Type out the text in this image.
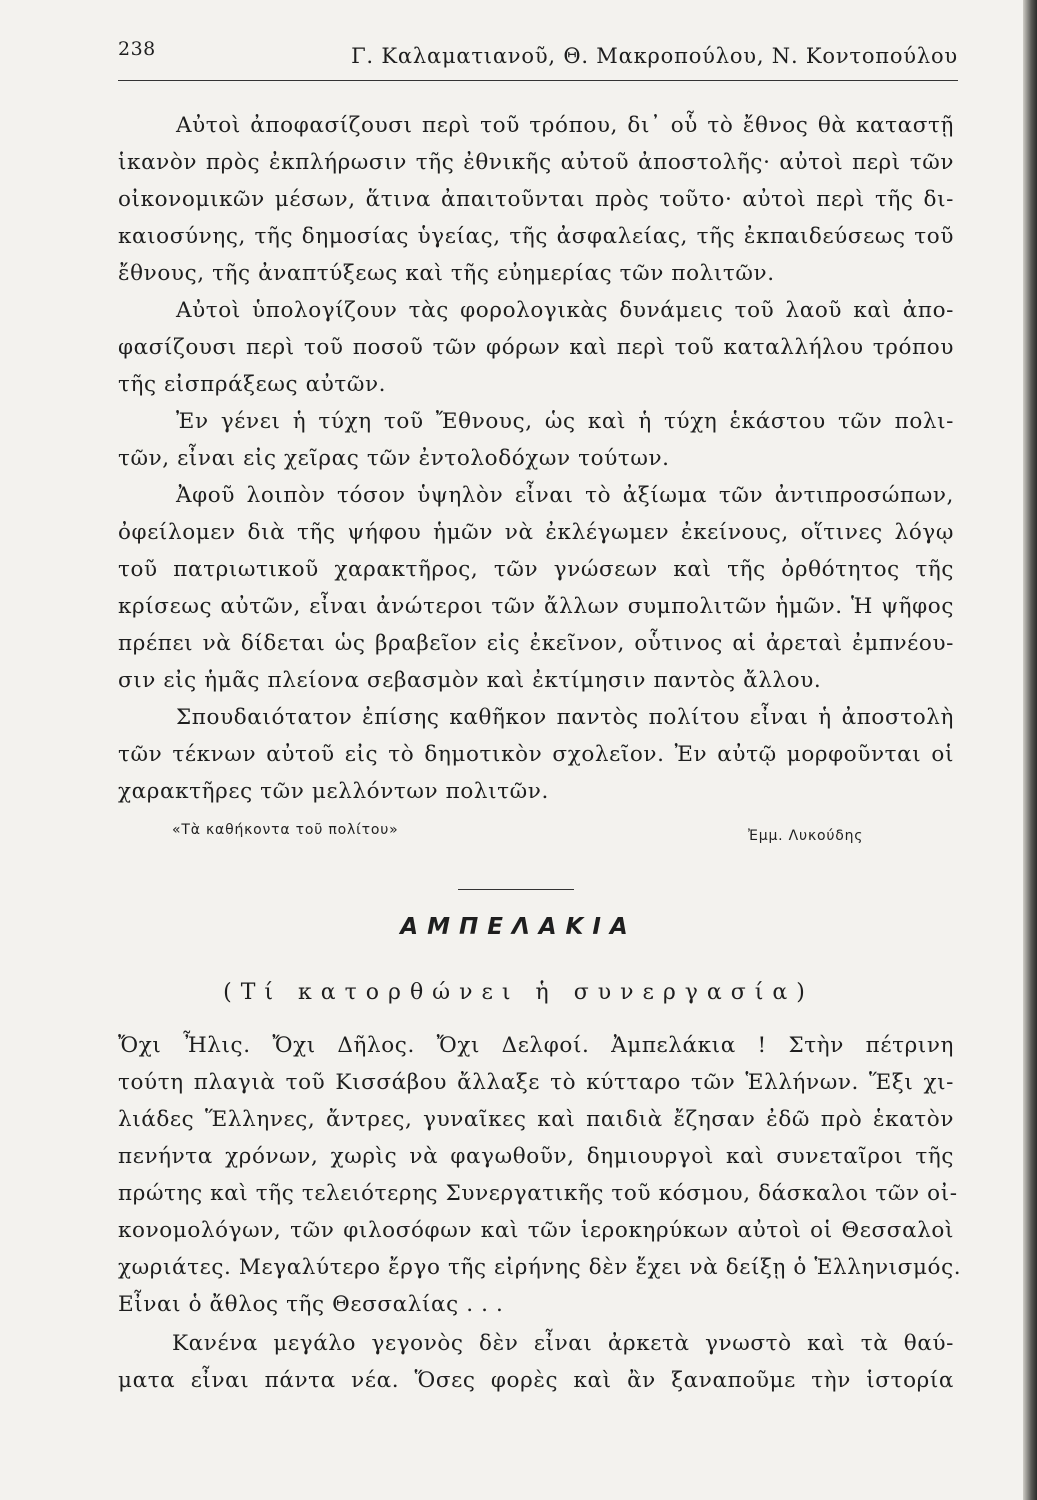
238	Γ. Καλαματιανοῦ, Θ. Μακροπούλου, Ν. Κοντοπούλου
Αὐτοὶ ἀποφασίζουσι περὶ τοῦ τρόπου, δι᾿ οὗ τὸ ἔθνος θὰ καταστῇ
ἱκανὸν πρὸς ἐκπλήρωσιν τῆς ἐθνικῆς αὐτοῦ ἀποστολῆς· αὐτοὶ περὶ τῶν
οἰκονομικῶν μέσων, ἅτινα ἀπαιτοῦνται πρὸς τοῦτο· αὐτοὶ περὶ τῆς δι-
καιοσύνης, τῆς δημοσίας ὑγείας, τῆς ἀσφαλείας, τῆς ἐκπαιδεύσεως τοῦ
ἔθνους, τῆς ἀναπτύξεως καὶ τῆς εὐημερίας τῶν πολιτῶν.
Αὐτοὶ ὑπολογίζουν τὰς φορολογικὰς δυνάμεις τοῦ λαοῦ καὶ ἀπο-
φασίζουσι περὶ τοῦ ποσοῦ τῶν φόρων καὶ περὶ τοῦ καταλλήλου τρόπου
τῆς εἰσπράξεως αὐτῶν.
Ἐν γένει ἡ τύχη τοῦ Ἔθνους, ὡς καὶ ἡ τύχη ἑκάστου τῶν πολι-
τῶν, εἶναι εἰς χεῖρας τῶν ἐντολοδόχων τούτων.
Ἀφοῦ λοιπὸν τόσον ὑψηλὸν εἶναι τὸ ἀξίωμα τῶν ἀντιπροσώπων,
ὀφείλομεν διὰ τῆς ψήφου ἡμῶν νὰ ἐκλέγωμεν ἐκείνους, οἵτινες λόγῳ
τοῦ πατριωτικοῦ χαρακτῆρος, τῶν γνώσεων καὶ τῆς ὀρθότητος τῆς
κρίσεως αὐτῶν, εἶναι ἀνώτεροι τῶν ἄλλων συμπολιτῶν ἡμῶν. Ἡ ψῆφος
πρέπει νὰ δίδεται ὡς βραβεῖον εἰς ἐκεῖνον, οὗτινος αἱ ἀρεταὶ ἐμπνέου-
σιν εἰς ἡμᾶς πλείονα σεβασμὸν καὶ ἐκτίμησιν παντὸς ἄλλου.
Σπουδαιότατον ἐπίσης καθῆκον παντὸς πολίτου εἶναι ἡ ἀποστολὴ
τῶν τέκνων αὐτοῦ εἰς τὸ δημοτικὸν σχολεῖον. Ἐν αὐτῷ μορφοῦνται οἱ
χαρακτῆρες τῶν μελλόντων πολιτῶν.
«Τὰ καθήκοντα τοῦ πολίτου»	Ἐμμ. Λυκούδης
ΑΜΠΕΛΑΚΙΑ
(Τί κατορθώνει ἡ συνεργασία)
Ὄχι Ἦλις. Ὄχι Δῆλος. Ὄχι Δελφοί. Ἀμπελάκια ! Στὴν πέτρινη
τούτη πλαγιὰ τοῦ Κισσάβου ἄλλαξε τὸ κύτταρο τῶν Ἑλλήνων. Ἕξι χι-
λιάδες Ἕλληνες, ἄντρες, γυναῖκες καὶ παιδιὰ ἔζησαν ἐδῶ πρὸ ἑκατὸν
πενήντα χρόνων, χωρὶς νὰ φαγωθοῦν, δημιουργοὶ καὶ συνεταῖροι τῆς
πρώτης καὶ τῆς τελειότερης Συνεργατικῆς τοῦ κόσμου, δάσκαλοι τῶν οἰ-
κονομολόγων, τῶν φιλοσόφων καὶ τῶν ἱεροκηρύκων αὐτοὶ οἱ Θεσσαλοὶ
χωριάτες. Μεγαλύτερο ἔργο τῆς εἰρήνης δὲν ἔχει νὰ δείξῃ ὁ Ἑλληνισμός.
Εἶναι ὁ ἄθλος τῆς Θεσσαλίας . . .
Κανένα μεγάλο γεγονὸς δὲν εἶναι ἀρκετὰ γνωστὸ καὶ τὰ θαύ-
ματα εἶναι πάντα νέα. Ὅσες φορὲς καὶ ἂν ξαναποῦμε τὴν ἱστορία
